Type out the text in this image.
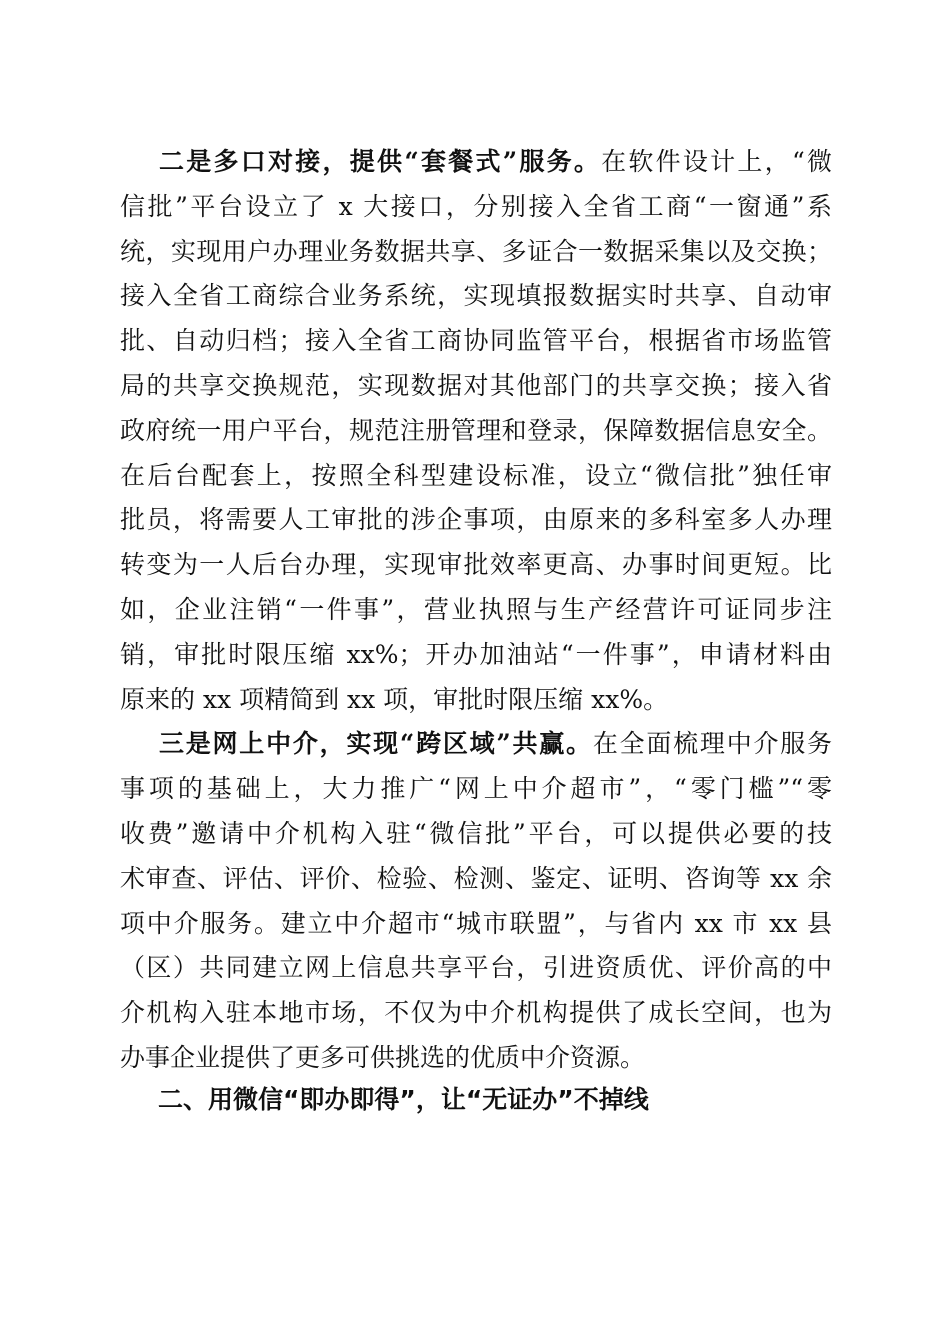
二是多口对接，提供“套餐式”服务。在软件设计上，“微
信批”平台设立了 x 大接口，分别接入全省工商“一窗通”系
统，实现用户办理业务数据共享、多证合一数据采集以及交换；
接入全省工商综合业务系统，实现填报数据实时共享、自动审
批、自动归档；接入全省工商协同监管平台，根据省市场监管
局的共享交换规范，实现数据对其他部门的共享交换；接入省
政府统一用户平台，规范注册管理和登录，保障数据信息安全。
在后台配套上，按照全科型建设标准，设立“微信批”独任审
批员，将需要人工审批的涉企事项，由原来的多科室多人办理
转变为一人后台办理，实现审批效率更高、办事时间更短。比
如，企业注销“一件事”，营业执照与生产经营许可证同步注
销，审批时限压缩 xx%；开办加油站“一件事”，申请材料由
原来的 xx 项精简到 xx 项，审批时限压缩 xx%。
三是网上中介，实现“跨区域”共赢。在全面梳理中介服务
事项的基础上，大力推广“网上中介超市”，“零门槛”“零
收费”邀请中介机构入驻“微信批”平台，可以提供必要的技
术审查、评估、评价、检验、检测、鉴定、证明、咨询等 xx 余
项中介服务。建立中介超市“城市联盟”，与省内 xx 市 xx 县
（区）共同建立网上信息共享平台，引进资质优、评价高的中
介机构入驻本地市场，不仅为中介机构提供了成长空间，也为
办事企业提供了更多可供挑选的优质中介资源。
二、用微信“即办即得”，让“无证办”不掉线
